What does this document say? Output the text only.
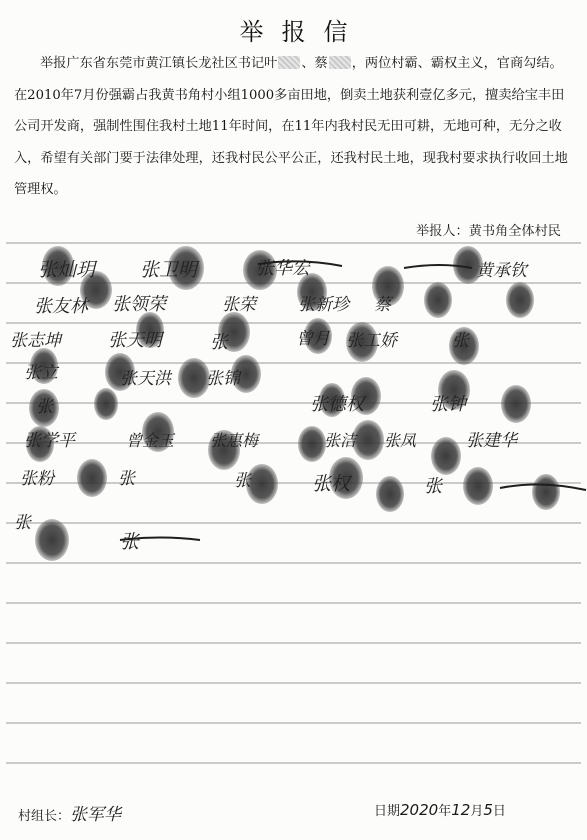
举报信

举报广东省东莞市黄江镇长龙社区书记叶 、蔡 ，两位村霸、霸权主义，官商勾结。在2010年7月份强霸占我黄书角村小组1000多亩田地，倒卖土地获利壹亿多元，擅卖给宝丰田公司开发商，强制性围住我村土地11年时间，在11年内我村民无田可耕，无地可种，无分之收入，希望有关部门要于法律处理，还我村民公平公正，还我村民土地，现我村要求执行收回土地管理权。

举报人：黄书角全体村民
张灿玥 张卫明	张华宏	黄承钦
张友林 张领荣	张荣 张新珍 蔡
张志坤	张天明	张	曾月 张工娇	张
张立	张天洪 张锦
张	张德权	张钟
张学平	曾金玉 张惠梅	张洁 张凤	张建华
张粉	张	张	张权	张
张
张
村组长：张军华	日期2020年12月5日
